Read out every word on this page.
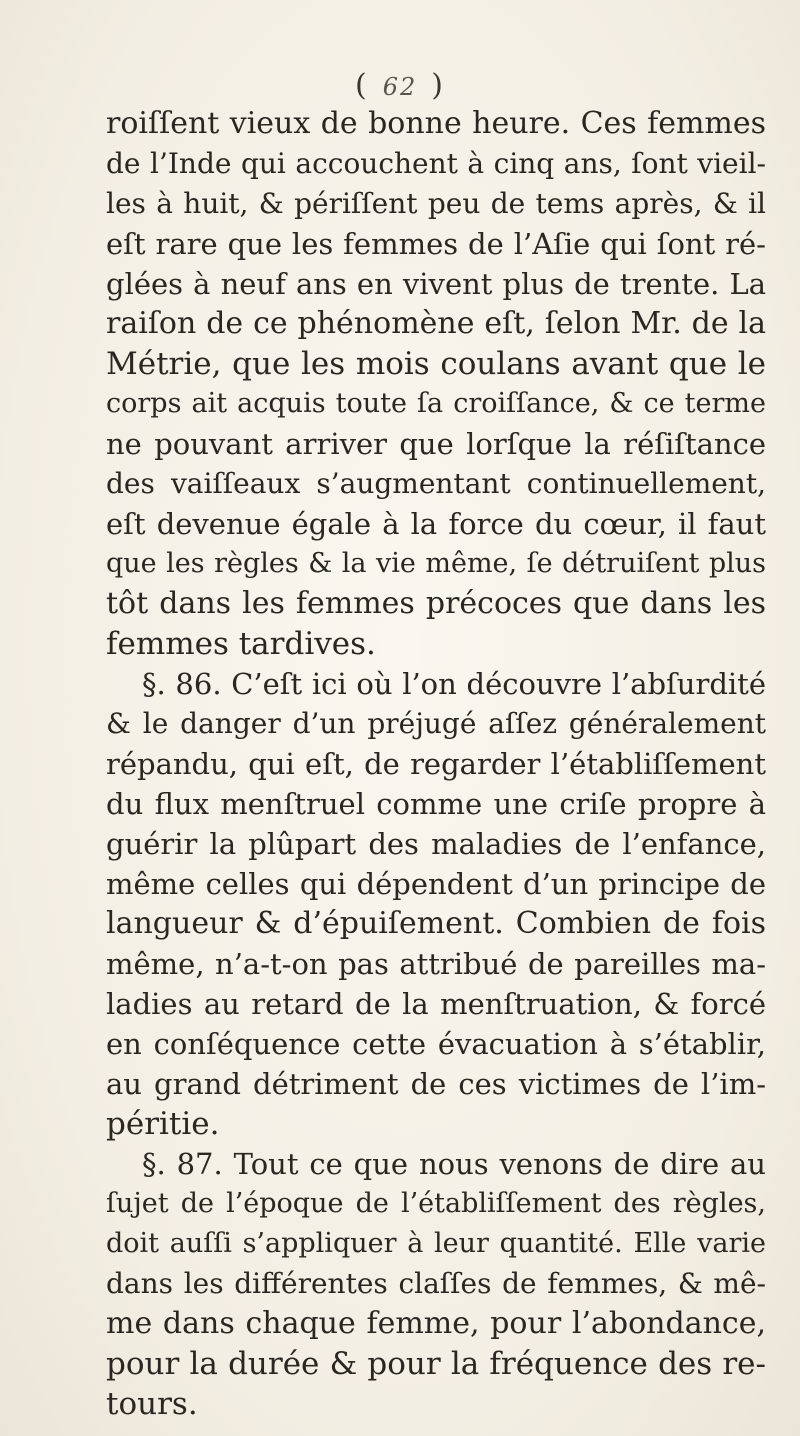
( 62 )
roiſſent vieux de bonne heure. Ces femmes
de l’Inde qui accouchent à cinq ans, ſont vieil-
les à huit, & périſſent peu de tems après, & il
eſt rare que les femmes de l’Aſie qui ſont ré-
glées à neuf ans en vivent plus de trente. La
raiſon de ce phénomène eſt, ſelon Mr. de la
Métrie, que les mois coulans avant que le
corps ait acquis toute ſa croiſſance, & ce terme
ne pouvant arriver que lorſque la réſiſtance
des vaiſſeaux s’augmentant continuellement,
eſt devenue égale à la force du cœur, il faut
que les règles & la vie même, ſe détruiſent plus
tôt dans les femmes précoces que dans les
femmes tardives.
§. 86. C’eſt ici où l’on découvre l’abſurdité
& le danger d’un préjugé aſſez généralement
répandu, qui eſt, de regarder l’établiſſement
du flux menſtruel comme une criſe propre à
guérir la plûpart des maladies de l’enfance,
même celles qui dépendent d’un principe de
langueur & d’épuiſement. Combien de fois
même, n’a-t-on pas attribué de pareilles ma-
ladies au retard de la menſtruation, & forcé
en conſéquence cette évacuation à s’établir,
au grand détriment de ces victimes de l’im-
péritie.
§. 87. Tout ce que nous venons de dire au
ſujet de l’époque de l’établiſſement des règles,
doit auſſi s’appliquer à leur quantité. Elle varie
dans les différentes claſſes de femmes, & mê-
me dans chaque femme, pour l’abondance,
pour la durée & pour la fréquence des re-
tours.
